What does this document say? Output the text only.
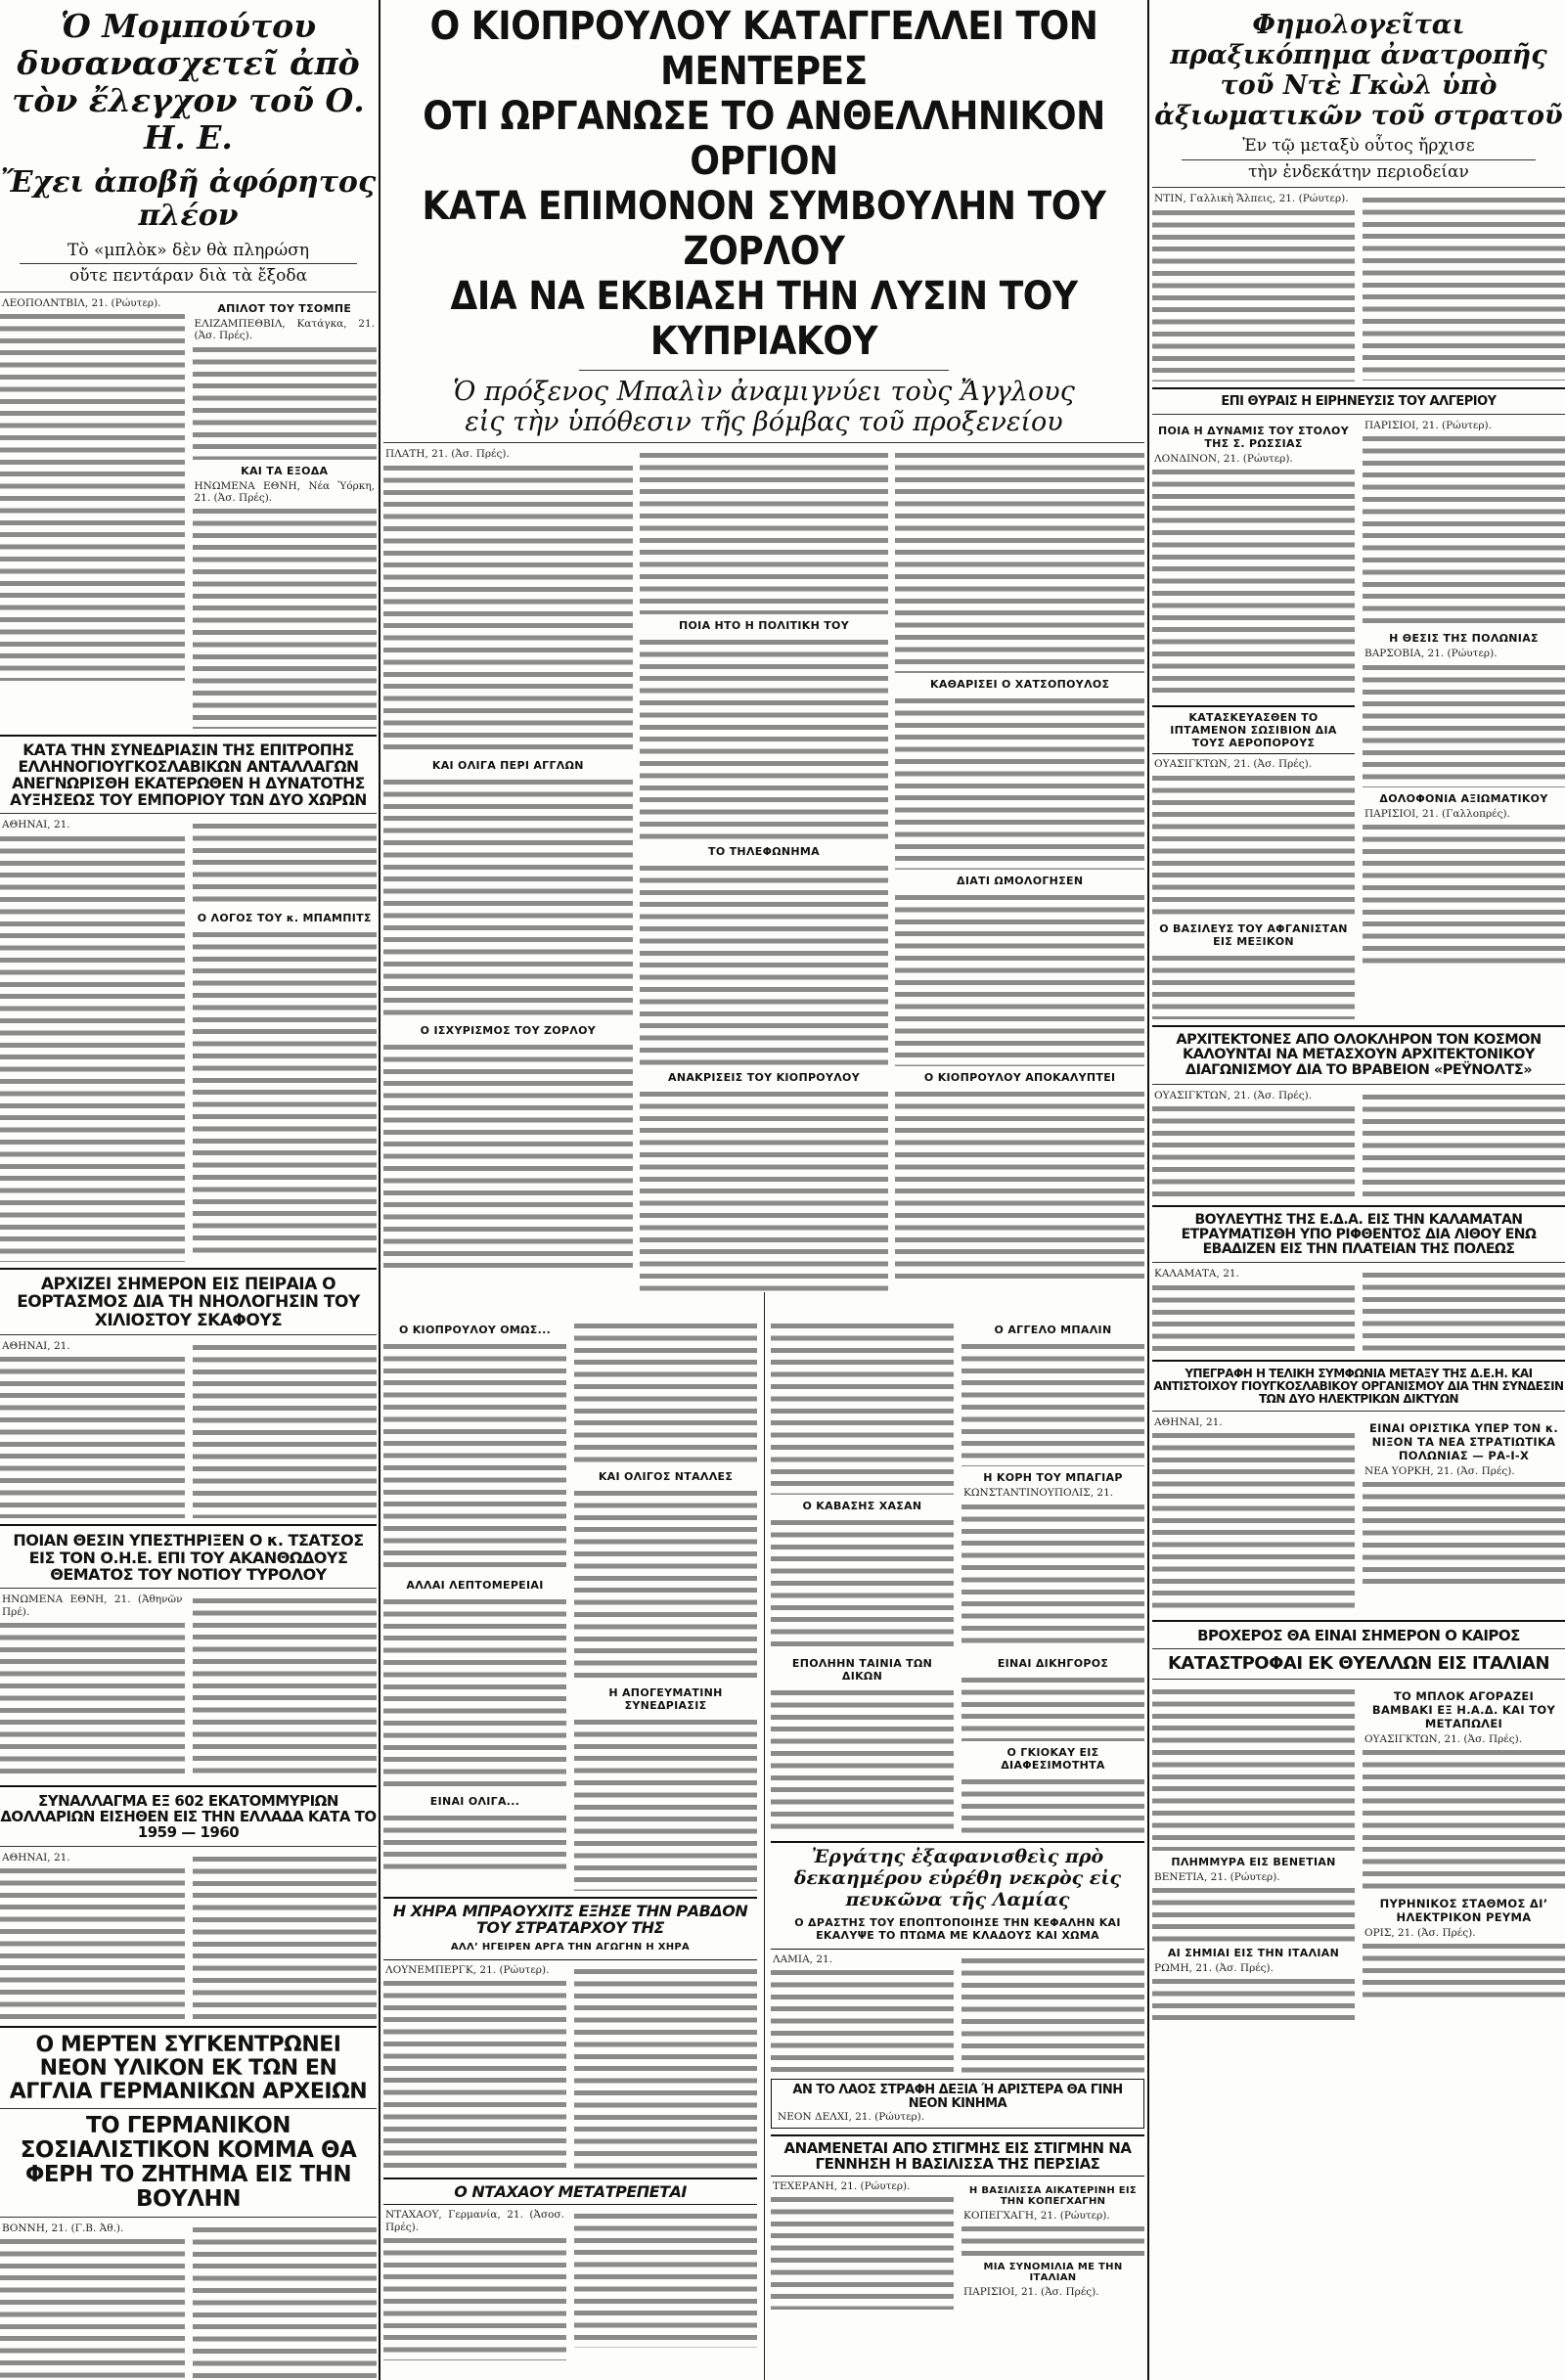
Ὁ Μομπούτου δυσανασχετεῖ ἀπὸ τὸν ἔλεγχον τοῦ Ο. Η. Ε.
Ἔχει ἀποβῆ ἀφόρητος πλέον
Τὸ «μπλὸκ» δὲν θὰ πληρώση
οὔτε πεντάραν διὰ τὰ ἔξοδα

ΛΕΟΠΟΛΝΤΒΙΛ, 21. (Ρώυτερ).	ΑΠΙΛΟΤ ΤΟΥ ΤΣΟΜΠΕ

ΕΛΙΖΑΜΠΕΘΒΙΛ, Κατάγκα, 21. (Ἀσ. Πρές).

ΚΑΙ ΤΑ ΕΞΟΔΑ

ΗΝΩΜΕΝΑ ΕΘΝΗ, Νέα Ὑόρκη, 21. (Ἀσ. Πρές).

ΚΑΤΑ ΤΗΝ ΣΥΝΕΔΡΙΑΣΙΝ ΤΗΣ ΕΠΙΤΡΟΠΗΣ ΕΛΛΗΝΟΓΙΟΥΓΚΟΣΛΑΒΙΚΩΝ ΑΝΤΑΛΛΑΓΩΝ ΑΝΕΓΝΩΡΙΣΘΗ ΕΚΑΤΕΡΩΘΕΝ Η ΔΥΝΑΤΟΤΗΣ ΑΥΞΗΣΕΩΣ ΤΟΥ ΕΜΠΟΡΙΟΥ ΤΩΝ ΔΥΟ ΧΩΡΩΝ

ΑΘΗΝΑΙ, 21.

Ο ΛΟΓΟΣ ΤΟΥ κ. ΜΠΑΜΠΙΤΣ

ΑΡΧΙΖΕΙ ΣΗΜΕΡΟΝ ΕΙΣ ΠΕΙΡΑΙΑ Ο ΕΟΡΤΑΣΜΟΣ ΔΙΑ ΤΗ ΝΗΟΛΟΓΗΣΙΝ ΤΟΥ ΧΙΛΙΟΣΤΟΥ ΣΚΑΦΟΥΣ

ΑΘΗΝΑΙ, 21.

ΠΟΙΑΝ ΘΕΣΙΝ ΥΠΕΣΤΗΡΙΞΕΝ Ο κ. ΤΣΑΤΣΟΣ ΕΙΣ ΤΟΝ Ο.Η.Ε. ΕΠΙ ΤΟΥ ΑΚΑΝΘΩΔΟΥΣ ΘΕΜΑΤΟΣ ΤΟΥ ΝΟΤΙΟΥ ΤΥΡΟΛΟΥ

ΗΝΩΜΕΝΑ ΕΘΝΗ, 21. (Ἀθηνῶν Πρέ).

ΣΥΝΑΛΛΑΓΜΑ ΕΞ 602 ΕΚΑΤΟΜΜΥΡΙΩΝ ΔΟΛΛΑΡΙΩΝ ΕΙΣΗΘΕΝ ΕΙΣ ΤΗΝ ΕΛΛΑΔΑ ΚΑΤΑ ΤΟ 1959 — 1960

ΑΘΗΝΑΙ, 21.

Ο ΜΕΡΤΕΝ ΣΥΓΚΕΝΤΡΩΝΕΙ ΝΕΟΝ ΥΛΙΚΟΝ ΕΚ ΤΩΝ ΕΝ ΑΓΓΛΙΑ ΓΕΡΜΑΝΙΚΩΝ ΑΡΧΕΙΩΝ
ΤΟ ΓΕΡΜΑΝΙΚΟΝ ΣΟΣΙΑΛΙΣΤΙΚΟΝ ΚΟΜΜΑ ΘΑ ΦΕΡΗ ΤΟ ΖΗΤΗΜΑ ΕΙΣ ΤΗΝ ΒΟΥΛΗΝ

ΒΟΝΝΗ, 21. (Γ.Β. Ἀθ.).

Ο ΚΙΟΠΡΟΥΛΟΥ ΚΑΤΑΓΓΕΛΛΕΙ ΤΟΝ ΜΕΝΤΕΡΕΣ
ΟΤΙ ΩΡΓΑΝΩΣΕ ΤΟ ΑΝΘΕΛΛΗΝΙΚΟΝ ΟΡΓΙΟΝ
ΚΑΤΑ ΕΠΙΜΟΝΟΝ ΣΥΜΒΟΥΛΗΝ ΤΟΥ ΖΟΡΛΟΥ
ΔΙΑ ΝΑ ΕΚΒΙΑΣΗ ΤΗΝ ΛΥΣΙΝ ΤΟΥ ΚΥΠΡΙΑΚΟΥ
Ὁ πρόξενος Μπαλὶν ἀναμιγνύει τοὺς Ἄγγλους
εἰς τὴν ὑπόθεσιν τῆς βόμβας τοῦ προξενείου

ΠΛΑΤΗ, 21. (Ἀσ. Πρές).

ΚΑΙ ΟΛΙΓΑ ΠΕΡΙ ΑΓΓΛΩΝ

Ο ΙΣΧΥΡΙΣΜΟΣ ΤΟΥ ΖΟΡΛΟΥ

ΠΟΙΑ ΗΤΟ Η ΠΟΛΙΤΙΚΗ ΤΟΥ

ΤΟ ΤΗΛΕΦΩΝΗΜΑ

ΑΝΑΚΡΙΣΕΙΣ ΤΟΥ ΚΙΟΠΡΟΥΛΟΥ

ΚΑΘΑΡΙΣΕΙ Ο ΧΑΤΣΟΠΟΥΛΟΣ

ΔΙΑΤΙ ΩΜΟΛΟΓΗΣΕΝ

Ο ΚΙΟΠΡΟΥΛΟΥ ΑΠΟΚΑΛΥΠΤΕΙ

Ο ΚΙΟΠΡΟΥΛΟΥ ΟΜΩΣ...

ΑΛΛΑΙ ΛΕΠΤΟΜΕΡΕΙΑΙ

ΕΙΝΑΙ ΟΛΙΓΑ...

ΚΑΙ ΟΛΙΓΟΣ ΝΤΑΛΛΕΣ

Η ΑΠΟΓΕΥΜΑΤΙΝΗ ΣΥΝΕΔΡΙΑΣΙΣ

Η ΧΗΡΑ ΜΠΡΑΟΥΧΙΤΣ ΕΞΗΣΕ ΤΗΝ ΡΑΒΔΟΝ ΤΟΥ ΣΤΡΑΤΑΡΧΟΥ ΤΗΣ
ΑΛΛ’ ΗΓΕΙΡΕΝ ΑΡΓΑ ΤΗΝ ΑΓΩΓΗΝ Η ΧΗΡΑ

ΛΟΥΝΕΜΠΕΡΓΚ, 21. (Ρώυτερ).

Ο ΝΤΑΧΑΟΥ ΜΕΤΑΤΡΕΠΕΤΑΙ

ΝΤΑΧΑΟΥ, Γερμανία, 21. (Ἀσοσ. Πρές).

Ο ΚΑΒΑΣΗΣ ΧΑΣΑΝ

Ο ΑΓΓΕΛΟ ΜΠΑΛΙΝ

Η ΚΟΡΗ ΤΟΥ ΜΠΑΓΙΑΡ

ΚΩΝΣΤΑΝΤΙΝΟΥΠΟΛΙΣ, 21.

ΕΠΟΛΗΗΝ ΤΑΙΝΙΑ ΤΩΝ ΔΙΚΩΝ

ΕΙΝΑΙ ΔΙΚΗΓΟΡΟΣ

Ο ΓΚΙΟΚΑΥ ΕΙΣ ΔΙΑΦΕΣΙΜΟΤΗΤΑ

Ἐργάτης ἐξαφανισθεὶς πρὸ δεκαημέρου εὑρέθη νεκρὸς εἰς πευκῶνα τῆς Λαμίας
Ο ΔΡΑΣΤΗΣ ΤΟΥ ΕΠΟΠΤΟΠΟΙΗΣΕ ΤΗΝ ΚΕΦΑΛΗΝ ΚΑΙ ΕΚΑΛΥΨΕ ΤΟ ΠΤΩΜΑ ΜΕ ΚΛΑΔΟΥΣ ΚΑΙ ΧΩΜΑ

ΛΑΜΙΑ, 21.

ΑΝ ΤΟ ΛΑΟΣ ΣΤΡΑΦΗ ΔΕΞΙΑ Ή ΑΡΙΣΤΕΡΑ ΘΑ ΓΙΝΗ ΝΕΟΝ ΚΙΝΗΜΑ

ΝΕΟΝ ΔΕΛΧΙ, 21. (Ρώυτερ).

ΑΝΑΜΕΝΕΤΑΙ ΑΠΟ ΣΤΙΓΜΗΣ ΕΙΣ ΣΤΙΓΜΗΝ ΝΑ ΓΕΝΝΗΣΗ Η ΒΑΣΙΛΙΣΣΑ ΤΗΣ ΠΕΡΣΙΑΣ

ΤΕΧΕΡΑΝΗ, 21. (Ρώυτερ).	Η ΒΑΣΙΛΙΣΣΑ ΑΙΚΑΤΕΡΙΝΗ ΕΙΣ ΤΗΝ ΚΟΠΕΓΧΑΓΗΝ

ΚΟΠΕΓΧΑΓΗ, 21. (Ρώυτερ).

ΜΙΑ ΣΥΝΟΜΙΛΙΑ ΜΕ ΤΗΝ ΙΤΑΛΙΑΝ

ΠΑΡΙΣΙΟΙ, 21. (Ἀσ. Πρές).

Φημολογεῖται πραξικόπημα ἀνατροπῆς τοῦ Ντὲ Γκὼλ ὑπὸ ἀξιωματικῶν τοῦ στρατοῦ
Ἐν τῷ μεταξὺ οὗτος ἤρχισε
τὴν ἑνδεκάτην περιοδείαν

ΝΤΙΝ, Γαλλικὴ Ἄλπεις, 21. (Ρώυτερ).

ΕΠΙ ΘΥΡΑΙΣ Η ΕΙΡΗΝΕΥΣΙΣ ΤΟΥ ΑΛΓΕΡΙΟΥ
ΠΟΙΑ Η ΔΥΝΑΜΙΣ ΤΟΥ ΣΤΟΛΟΥ ΤΗΣ Σ. ΡΩΣΣΙΑΣ

ΛΟΝΔΙΝΟΝ, 21. (Ρώυτερ).

ΚΑΤΑΣΚΕΥΑΣΘΕΝ ΤΟ ΙΠΤΑΜΕΝΟΝ ΣΩΣΙΒΙΟΝ ΔΙΑ ΤΟΥΣ ΑΕΡΟΠΟΡΟΥΣ

ΟΥΑΣΙΓΚΤΩΝ, 21. (Ἀσ. Πρές).

Ο ΒΑΣΙΛΕΥΣ ΤΟΥ ΑΦΓΑΝΙΣΤΑΝ ΕΙΣ ΜΕΞΙΚΟΝ

ΠΑΡΙΣΙΟΙ, 21. (Ρώυτερ).

Η ΘΕΣΙΣ ΤΗΣ ΠΟΛΩΝΙΑΣ

ΒΑΡΣΟΒΙΑ, 21. (Ρώυτερ).

ΔΟΛΟΦΟΝΙΑ ΑΞΙΩΜΑΤΙΚΟΥ

ΠΑΡΙΣΙΟΙ, 21. (Γαλλοπρές).

ΑΡΧΙΤΕΚΤΟΝΕΣ ΑΠΟ ΟΛΟΚΛΗΡΟΝ ΤΟΝ ΚΟΣΜΟΝ ΚΑΛΟΥΝΤΑΙ ΝΑ ΜΕΤΑΣΧΟΥΝ ΑΡΧΙΤΕΚΤΟΝΙΚΟΥ ΔΙΑΓΩΝΙΣΜΟΥ ΔΙΑ ΤΟ ΒΡΑΒΕΙΟΝ «ΡΕΫΝΟΛΤΣ»

ΟΥΑΣΙΓΚΤΩΝ, 21. (Ἀσ. Πρές).

ΒΟΥΛΕΥΤΗΣ ΤΗΣ Ε.Δ.Α. ΕΙΣ ΤΗΝ ΚΑΛΑΜΑΤΑΝ ΕΤΡΑΥΜΑΤΙΣΘΗ ΥΠΟ ΡΙΦΘΕΝΤΟΣ ΔΙΑ ΛΙΘΟΥ ΕΝΩ ΕΒΑΔΙΖΕΝ ΕΙΣ ΤΗΝ ΠΛΑΤΕΙΑΝ ΤΗΣ ΠΟΛΕΩΣ

ΚΑΛΑΜΑΤΑ, 21.

ΥΠΕΓΡΑΦΗ Η ΤΕΛΙΚΗ ΣΥΜΦΩΝΙΑ ΜΕΤΑΞΥ ΤΗΣ Δ.Ε.Η. ΚΑΙ ΑΝΤΙΣΤΟΙΧΟΥ ΓΙΟΥΓΚΟΣΛΑΒΙΚΟΥ ΟΡΓΑΝΙΣΜΟΥ ΔΙΑ ΤΗΝ ΣΥΝΔΕΣΙΝ ΤΩΝ ΔΥΟ ΗΛΕΚΤΡΙΚΩΝ ΔΙΚΤΥΩΝ

ΑΘΗΝΑΙ, 21.	ΕΙΝΑΙ ΟΡΙΣΤΙΚΑ ΥΠΕΡ ΤΟΝ κ. ΝΙΞΟΝ ΤΑ ΝΕΑ ΣΤΡΑΤΙΩΤΙΚΑ ΠΟΛΩΝΙΑΣ — ΡΑ-Ι-Χ

ΝΕΑ ΥΟΡΚΗ, 21. (Ἀσ. Πρές).

ΒΡΟΧΕΡΟΣ ΘΑ ΕΙΝΑΙ ΣΗΜΕΡΟΝ Ο ΚΑΙΡΟΣ
ΚΑΤΑΣΤΡΟΦΑΙ ΕΚ ΘΥΕΛΛΩΝ ΕΙΣ ΙΤΑΛΙΑΝ

ΠΛΗΜΜΥΡΑ ΕΙΣ ΒΕΝΕΤΙΑΝ

ΒΕΝΕΤΙΑ, 21. (Ρώυτερ).

ΑΙ ΣΗΜΙΑΙ ΕΙΣ ΤΗΝ ΙΤΑΛΙΑΝ

ΡΩΜΗ, 21. (Ἀσ. Πρές).

ΤΟ ΜΠΛΟΚ ΑΓΟΡΑΖΕΙ ΒΑΜΒΑΚΙ ΕΞ Η.Α.Δ. ΚΑΙ ΤΟΥ ΜΕΤΑΠΩΛΕΙ

ΟΥΑΣΙΓΚΤΩΝ, 21. (Ἀσ. Πρές).

ΠΥΡΗΝΙΚΟΣ ΣΤΑΘΜΟΣ ΔΙ’ ΗΛΕΚΤΡΙΚΟΝ ΡΕΥΜΑ

ΟΡΙΣ, 21. (Ἀσ. Πρές).
